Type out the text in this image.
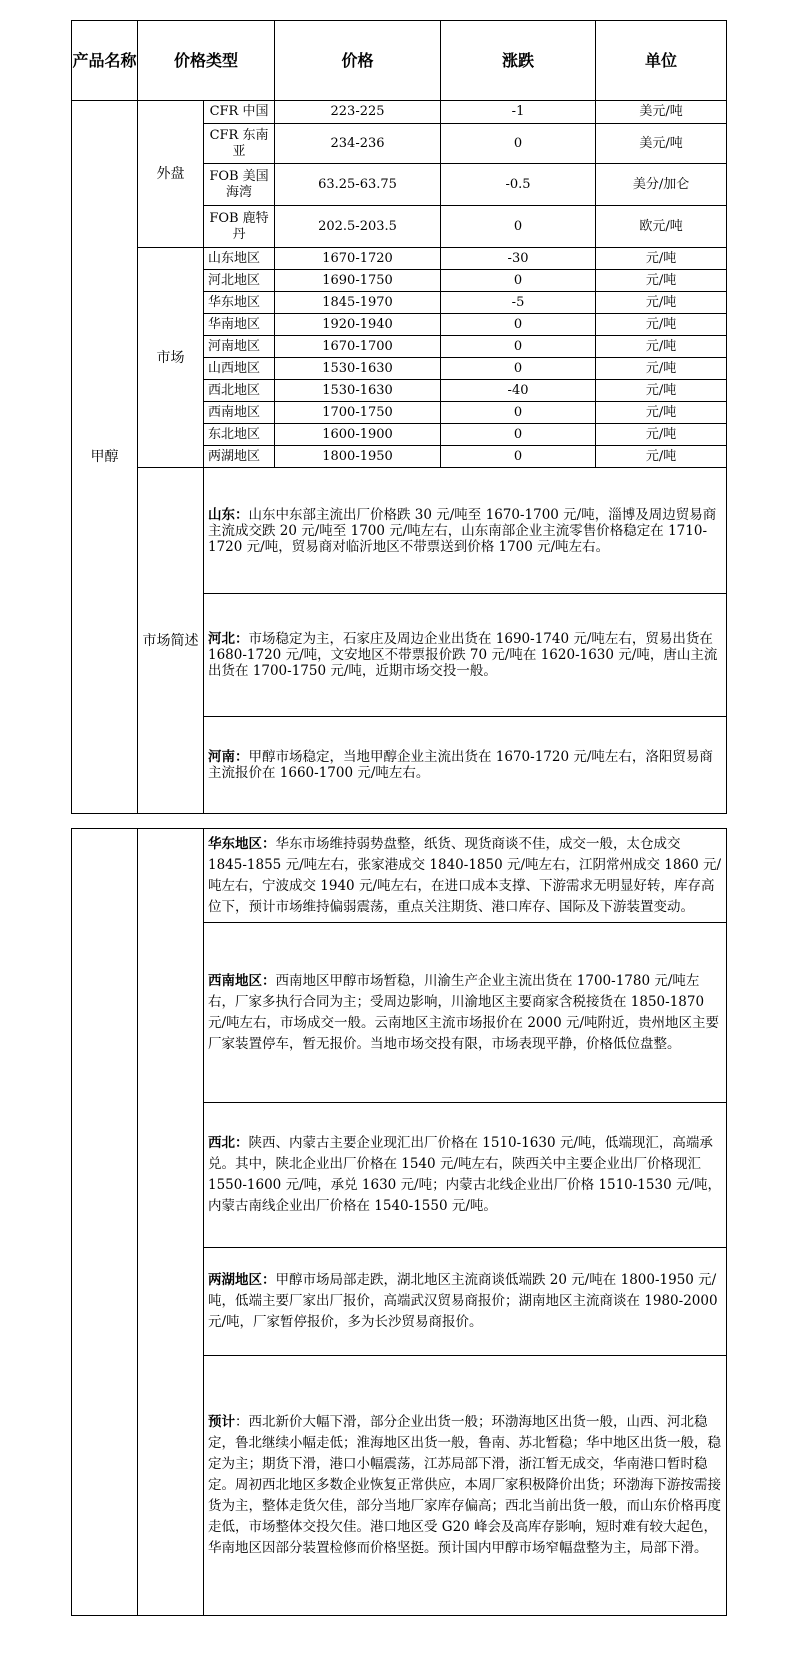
产品名称	价格类型		价格	涨跌	单位
甲醇	外盘	CFR 中国	223-225	-1	美元/吨
		CFR 东南亚	234-236	0	美元/吨
		FOB 美国海湾	63.25-63.75	-0.5	美分/加仑
		FOB 鹿特丹	202.5-203.5	0	欧元/吨
	市场	山东地区	1670-1720	-30	元/吨
		河北地区	1690-1750	0	元/吨
		华东地区	1845-1970	-5	元/吨
		华南地区	1920-1940	0	元/吨
		河南地区	1670-1700	0	元/吨
		山西地区	1530-1630	0	元/吨
		西北地区	1530-1630	-40	元/吨
		西南地区	1700-1750	0	元/吨
		东北地区	1600-1900	0	元/吨
		两湖地区	1800-1950	0	元/吨
	市场简述	山东：山东中东部主流出厂价格跌 30 元/吨至 1670-1700 元/吨，淄博及周边贸易商主流成交跌 20 元/吨至 1700 元/吨左右，山东南部企业主流零售价格稳定在 1710-1720 元/吨，贸易商对临沂地区不带票送到价格 1700 元/吨左右。			
		河北：市场稳定为主，石家庄及周边企业出货在 1690-1740 元/吨左右，贸易出货在 1680-1720 元/吨，文安地区不带票报价跌 70 元/吨在 1620-1630 元/吨，唐山主流出货在 1700-1750 元/吨，近期市场交投一般。			
		河南：甲醇市场稳定，当地甲醇企业主流出货在 1670-1720 元/吨左右，洛阳贸易商主流报价在 1660-1700 元/吨左右。			
		华东地区：华东市场维持弱势盘整，纸货、现货商谈不佳，成交一般，太仓成交 1845-1855 元/吨左右，张家港成交 1840-1850 元/吨左右，江阴常州成交 1860 元/吨左右，宁波成交 1940 元/吨左右，在进口成本支撑、下游需求无明显好转，库存高位下，预计市场维持偏弱震荡，重点关注期货、港口库存、国际及下游装置变动。
西南地区：西南地区甲醇市场暂稳，川渝生产企业主流出货在 1700-1780 元/吨左右，厂家多执行合同为主；受周边影响，川渝地区主要商家含税接货在 1850-1870 元/吨左右，市场成交一般。云南地区主流市场报价在 2000 元/吨附近，贵州地区主要厂家装置停车，暂无报价。当地市场交投有限，市场表现平静，价格低位盘整。
西北：陕西、内蒙古主要企业现汇出厂价格在 1510-1630 元/吨，低端现汇，高端承兑。其中，陕北企业出厂价格在 1540 元/吨左右，陕西关中主要企业出厂价格现汇 1550-1600 元/吨，承兑 1630 元/吨；内蒙古北线企业出厂价格 1510-1530 元/吨，内蒙古南线企业出厂价格在 1540-1550 元/吨。
两湖地区：甲醇市场局部走跌，湖北地区主流商谈低端跌 20 元/吨在 1800-1950 元/吨，低端主要厂家出厂报价，高端武汉贸易商报价；湖南地区主流商谈在 1980-2000 元/吨，厂家暂停报价，多为长沙贸易商报价。
预计：西北新价大幅下滑，部分企业出货一般；环渤海地区出货一般，山西、河北稳定，鲁北继续小幅走低；淮海地区出货一般，鲁南、苏北暂稳；华中地区出货一般，稳定为主；期货下滑，港口小幅震荡，江苏局部下滑，浙江暂无成交，华南港口暂时稳定。周初西北地区多数企业恢复正常供应，本周厂家积极降价出货；环渤海下游按需接货为主，整体走货欠佳，部分当地厂家库存偏高；西北当前出货一般，而山东价格再度走低，市场整体交投欠佳。港口地区受 G20 峰会及高库存影响，短时难有较大起色，华南地区因部分装置检修而价格坚挺。预计国内甲醇市场窄幅盘整为主，局部下滑。
